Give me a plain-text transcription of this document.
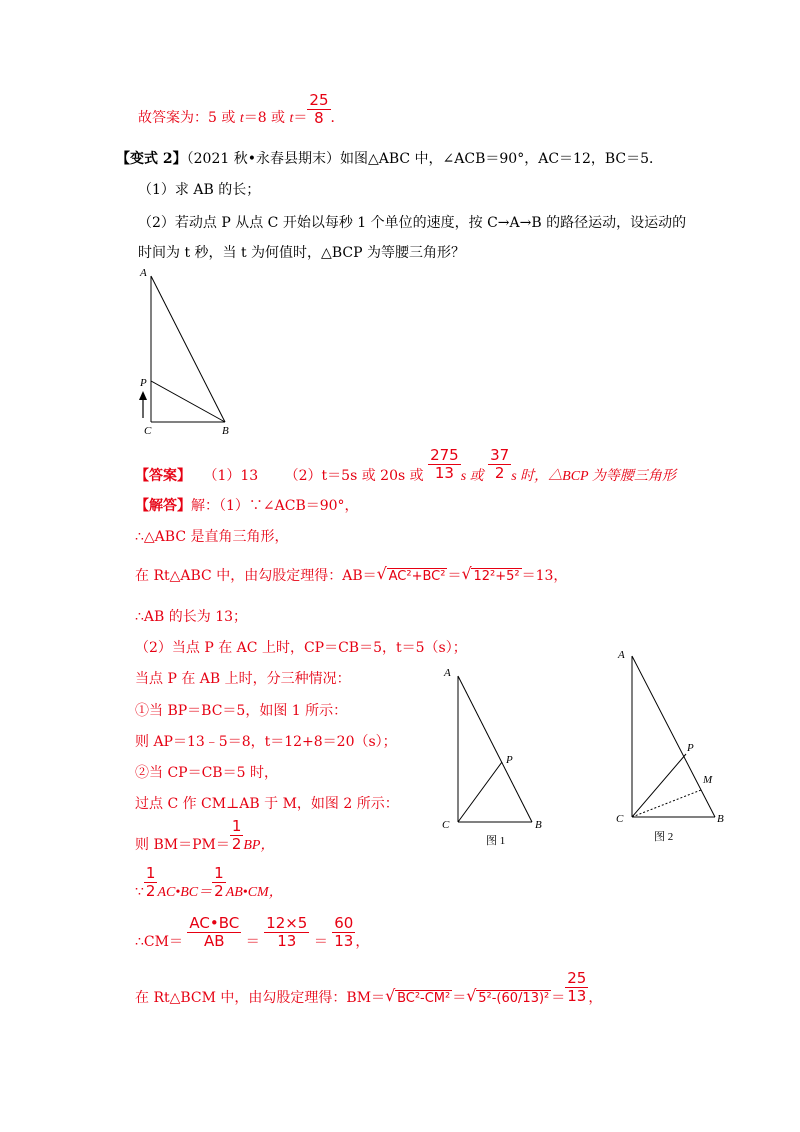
故答案为：5 或 t＝8 或 $t= \frac{25}{8}$ ．
【变式 2】（2021 秋•永春县期末）如图△ABC 中，∠ACB＝90°，AC＝12，BC＝5．
（1）求 AB 的长；
（2）若动点 P 从点 C 开始以每秒 1 个单位的速度，按 C→A→B 的路径运动，设运动的
时间为 t 秒，当 t 为何值时，△BCP 为等腰三角形？
A
P
C	B
【答案】 （1）13 （2）t＝5s 或 20s 或 $\frac{275}{13}$ s 或 $\frac{37}{2}$ s 时，△BCP 为等腰三角形
【解答】解：（1）∵∠ACB＝90°，
∴△ABC 是直角三角形，
在 Rt△ABC 中，由勾股定理得：AB＝ √ AC²+BC² ＝ √ 12²+5² ＝13，
∴AB 的长为 13；
（2）当点 P 在 AC 上时，CP＝CB＝5，t＝5（s）；
当点 P 在 AB 上时，分三种情况：
①当 BP＝BC＝5，如图 1 所示：
则 AP＝13﹣5＝8，t＝12+8＝20（s）；
②当 CP＝CB＝5 时，
过点 C 作 CM⊥AB 于 M，如图 2 所示：
则 $BM=PM= \frac{1}{2}$ BP，
∵ $\frac{1}{2}$ AC•BC＝ $\frac{1}{2}$ AB•CM，
∴CM＝ $\frac{AC•BC}{AB} = \frac{12\times 5}{13} = \frac{60}{13}$ ，
在 Rt△BCM 中，由勾股定理得：BM＝ √ BC²-CM² ＝ √ $5^2-(60/13)^2 = \frac{25}{13}$ ，
A
P
C	B
图 1
A
P
M
C	B
图 2
